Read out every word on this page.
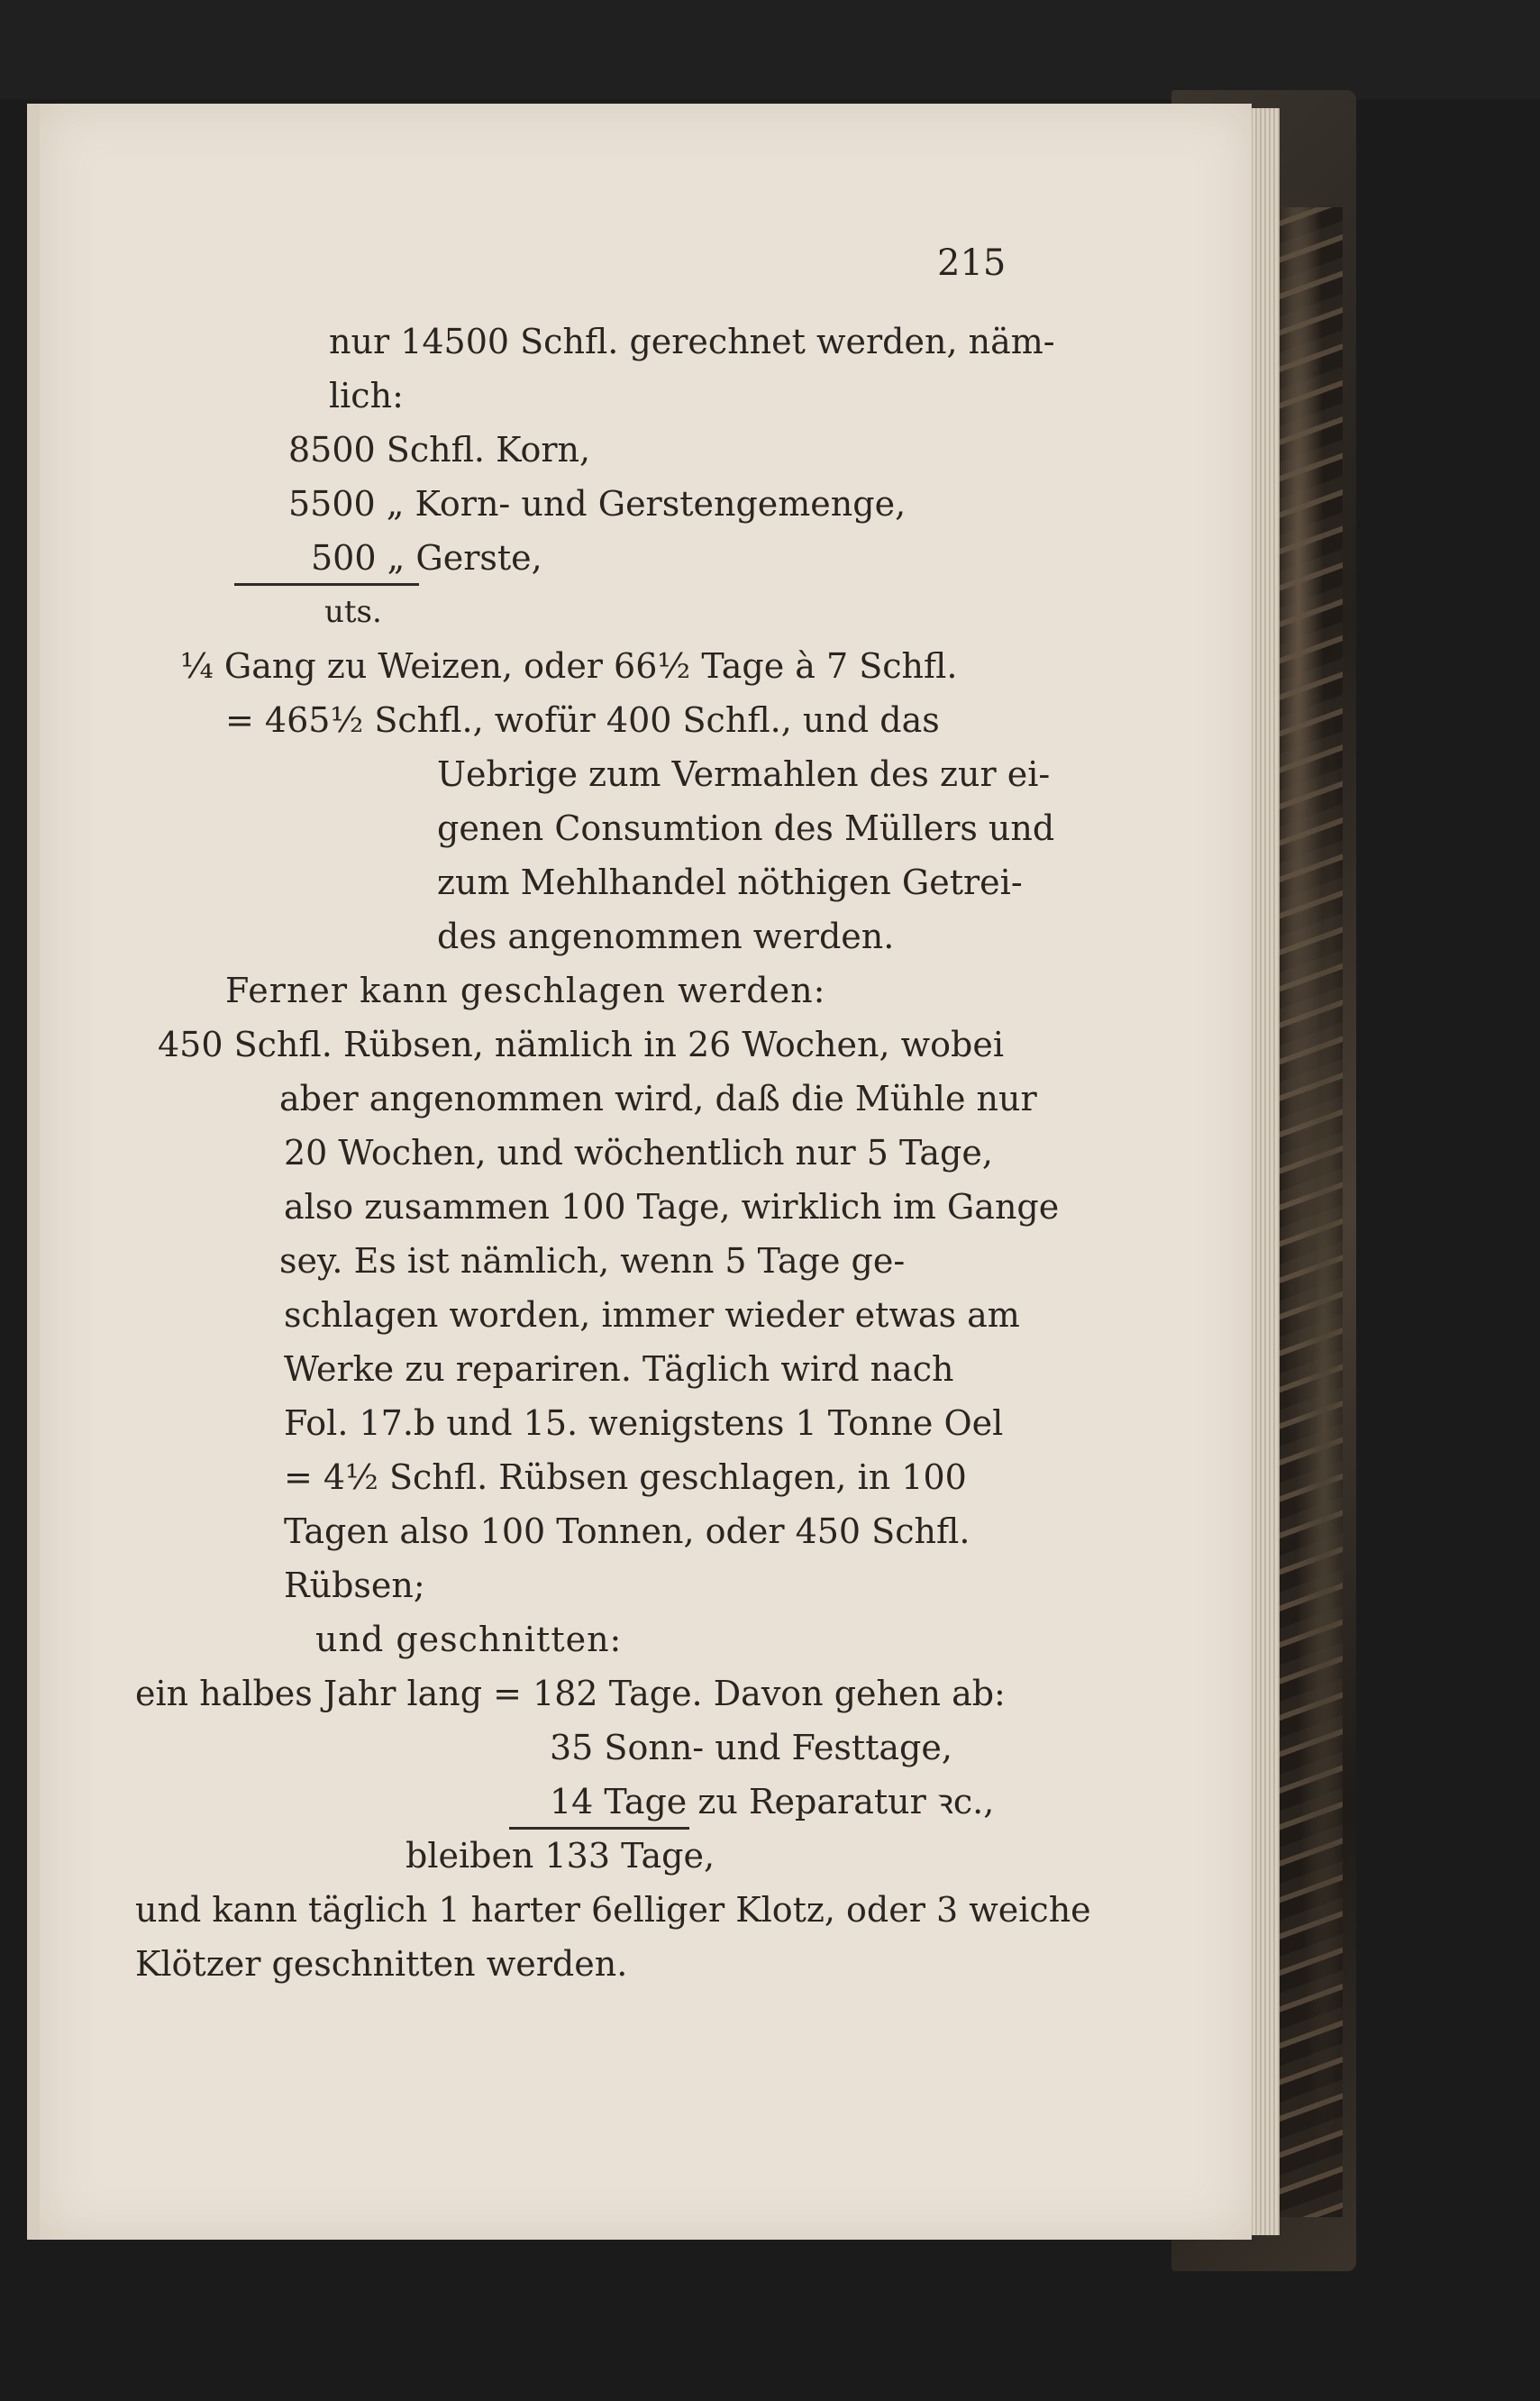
215
nur 14500 Schfl. gerechnet werden, näm-
lich:
8500 Schfl. Korn,
5500 „ Korn- und Gerstengemenge,
500 „ Gerste,
uts.
¼ Gang zu Weizen, oder 66½ Tage à 7 Schfl.
= 465½ Schfl., wofür 400 Schfl., und das
Uebrige zum Vermahlen des zur ei-
genen Consumtion des Müllers und
zum Mehlhandel nöthigen Getrei-
des angenommen werden.
Ferner kann geschlagen werden:
450 Schfl. Rübsen, nämlich in 26 Wochen, wobei
aber angenommen wird, daß die Mühle nur
20 Wochen, und wöchentlich nur 5 Tage,
also zusammen 100 Tage, wirklich im Gange
sey. Es ist nämlich, wenn 5 Tage ge-
schlagen worden, immer wieder etwas am
Werke zu repariren. Täglich wird nach
Fol. 17.b und 15. wenigstens 1 Tonne Oel
= 4½ Schfl. Rübsen geschlagen, in 100
Tagen also 100 Tonnen, oder 450 Schfl.
Rübsen;
und geschnitten:
ein halbes Jahr lang = 182 Tage. Davon gehen ab:
35 Sonn- und Festtage,
14 Tage zu Reparatur ꝛc.,
bleiben 133 Tage,
und kann täglich 1 harter 6elliger Klotz, oder 3 weiche
Klötzer geschnitten werden.
